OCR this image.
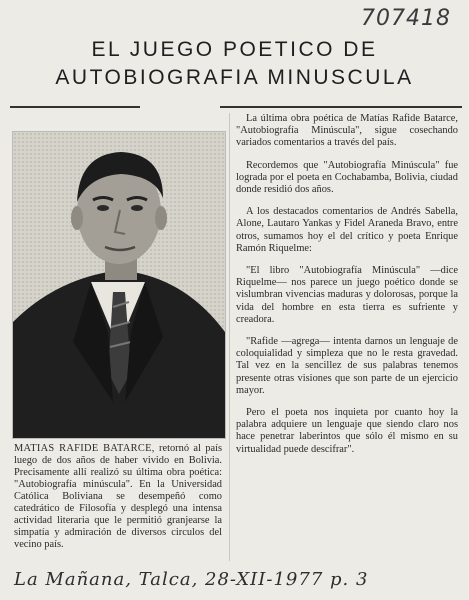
707418
EL JUEGO POETICO DE
AUTOBIOGRAFIA MINUSCULA
MATIAS RAFIDE BATARCE, retornó al país luego de dos años de haber vivido en Bolivia. Precisamente allí realizó su última obra poética: "Autobiografía minúscula". En la Universidad Católica Boliviana se desempeñó como catedrático de Filosofía y desplegó una intensa actividad literaria que le permitió granjearse la simpatía y admiración de diversos circulos del vecino país.

La última obra poética de Matías Rafide Batarce, "Autobiografía Minúscula", sigue cosechando variados comentarios a través del país.

Recordemos que "Autobiografía Minúscula" fue lograda por el poeta en Cochabamba, Bolivia, ciudad donde residió dos años.

A los destacados comentarios de Andrés Sabella, Alone, Lautaro Yankas y Fidel Araneda Bravo, entre otros, sumamos hoy el del crítico y poeta Enrique Ramón Riquelme:

"El libro "Autobiografía Minúscula" —dice Riquelme— nos parece un juego poético donde se vislumbran vivencias maduras y dolorosas, porque la vida del hombre en esta tierra es sufriente y creadora.

"Rafide —agrega— intenta darnos un lenguaje de coloquialidad y simpleza que no le resta gravedad. Tal vez en la sencillez de sus palabras tenemos presente otras visiones que son parte de un ejercicio mayor.

Pero el poeta nos inquieta por cuanto hoy la palabra adquiere un lenguaje que siendo claro nos hace penetrar laberintos que sólo él mismo en su virtualidad puede descifrar".

La Mañana, Talca, 28-XII-1977 p. 3
